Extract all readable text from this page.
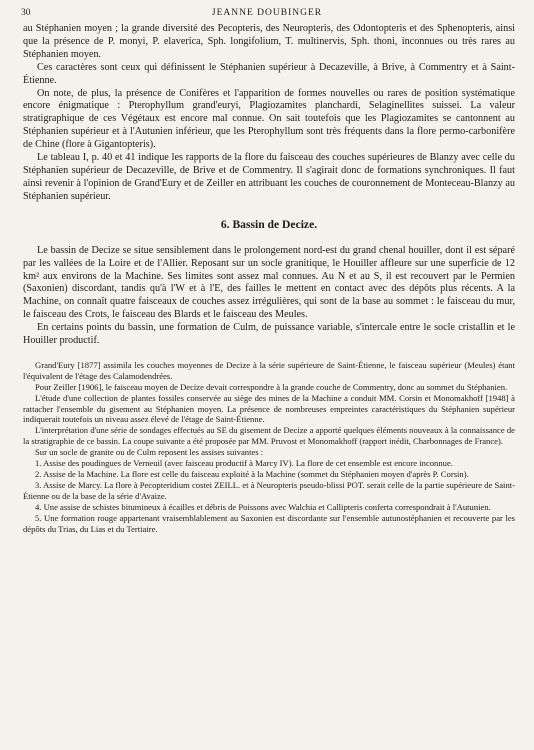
30	JEANNE DOUBINGER

au Stéphanien moyen ; la grande diversité des Pecopteris, des Neuropteris, des Odontopteris et des Sphenopteris, ainsi que la présence de P. monyi, P. elaverica, Sph. longifolium, T. multinervis, Sph. thoni, inconnues ou très rares au Stéphanien moyen.

Ces caractères sont ceux qui définissent le Stéphanien supérieur à Decazeville, à Brive, à Commentry et à Saint-Étienne.

On note, de plus, la présence de Conifères et l'apparition de formes nouvelles ou rares de position systématique encore énigmatique : Pterophyllum grand'euryi, Plagiozamites planchardi, Selaginellites suissei. La valeur stratigraphique de ces Végétaux est encore mal connue. On sait toutefois que les Plagiozamites se cantonnent au Stéphanien supérieur et à l'Autunien inférieur, que les Pterophyllum sont très fréquents dans la flore permo-carbonifère de Chine (flore à Gigantopteris).

Le tableau I, p. 40 et 41 indique les rapports de la flore du faisceau des couches supérieures de Blanzy avec celle du Stéphanien supérieur de Decazeville, de Brive et de Commentry. Il s'agirait donc de formations synchroniques. Il faut ainsi revenir à l'opinion de Grand'Eury et de Zeiller en attribuant les couches de couronnement de Monteceau-Blanzy au Stéphanien supérieur.

6. Bassin de Decize.

Le bassin de Decize se situe sensiblement dans le prolongement nord-est du grand chenal houiller, dont il est séparé par les vallées de la Loire et de l'Allier. Reposant sur un socle granitique, le Houiller affleure sur une superficie de 12 km² aux environs de la Machine. Ses limites sont assez mal connues. Au N et au S, il est recouvert par le Permien (Saxonien) discordant, tandis qu'à l'W et à l'E, des failles le mettent en contact avec des dépôts plus récents. A la Machine, on connaît quatre faisceaux de couches assez irrégulières, qui sont de la base au sommet : le faisceau du mur, le faisceau des Crots, le faisceau des Blards et le faisceau des Meules.

En certains points du bassin, une formation de Culm, de puissance variable, s'intercale entre le socle cristallin et le Houiller productif.

Grand'Eury [1877] assimila les couches moyennes de Decize à la série supérieure de Saint-Étienne, le faisceau supérieur (Meules) étant l'équivalent de l'étage des Calamodendrées.

Pour Zeiller [1906], le faisceau moyen de Decize devait correspondre à la grande couche de Commentry, donc au sommet du Stéphanien.

L'étude d'une collection de plantes fossiles conservée au siège des mines de la Machine a conduit MM. Corsin et Monomakhoff [1948] à rattacher l'ensemble du gisement au Stéphanien moyen. La présence de nombreuses empreintes caractéristiques du Stéphanien supérieur indiquerait toutefois un niveau assez élevé de l'étage de Saint-Étienne.

L'interprétation d'une série de sondages effectués au SE du gisement de Decize a apporté quelques éléments nouveaux à la connaissance de la stratigraphie de ce bassin. La coupe suivante a été proposée par MM. Pruvost et Monomakhoff (rapport inédit, Charbonnages de France).

Sur un socle de granite ou de Culm reposent les assises suivantes :

1. Assise des poudingues de Verneuil (avec faisceau productif à Marcy IV). La flore de cet ensemble est encore inconnue.

2. Assise de la Machine. La flore est celle du faisceau exploité à la Machine (sommet du Stéphanien moyen d'après P. Corsin).

3. Assise de Marcy. La flore à Pecopteridium costei ZEILL. et à Neuropteris pseudo-blissi POT. serait celle de la partie supérieure de Saint-Étienne ou de la base de la série d'Avaize.

4. Une assise de schistes bitumineux à écailles et débris de Poissons avec Walchia et Callipteris conferta correspondrait à l'Autunien.

5. Une formation rouge appartenant vraisemblablement au Saxonien est discordante sur l'ensemble autunostéphanien et recouverte par les dépôts du Trias, du Lias et du Tertiaire.
